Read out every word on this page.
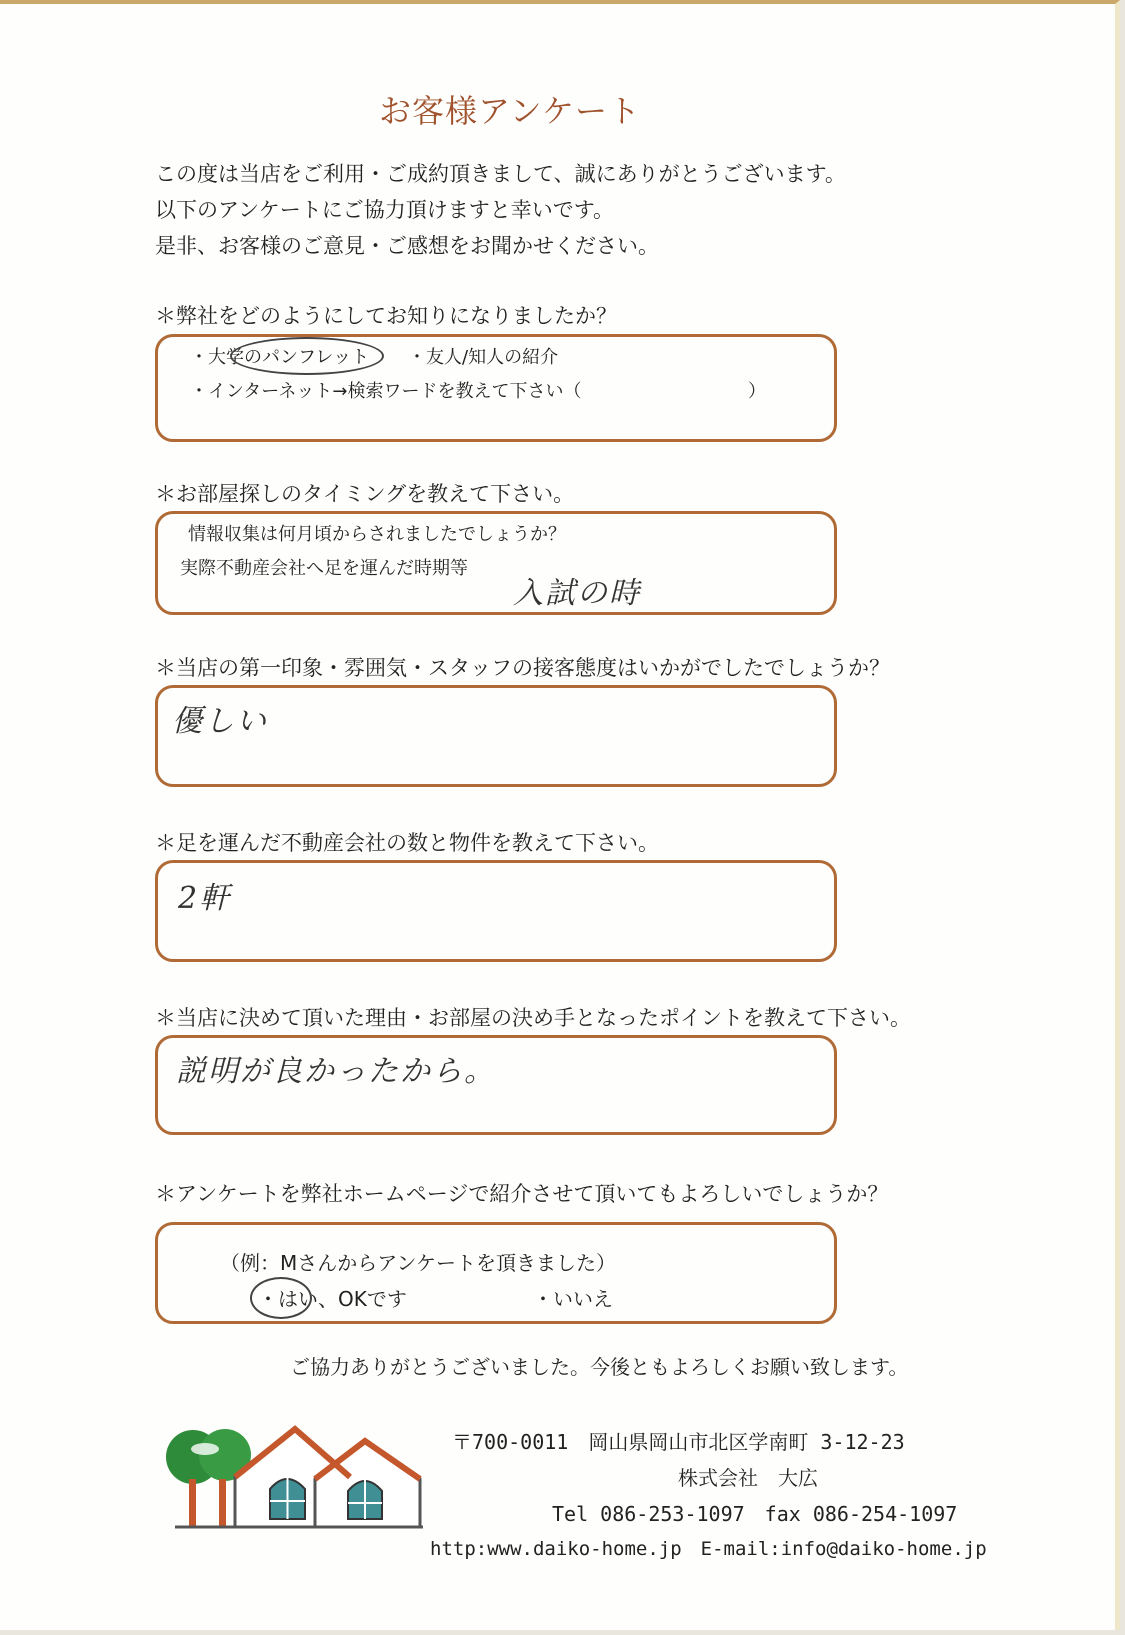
お客様アンケート
この度は当店をご利用・ご成約頂きまして、誠にありがとうございます。
以下のアンケートにご協力頂けますと幸いです。
是非、お客様のご意見・ご感想をお聞かせください。
＊弊社をどのようにしてお知りになりましたか？
・大学のパンフレット ・友人/知人の紹介
・インターネット→検索ワードを教えて下さい（	）
＊お部屋探しのタイミングを教えて下さい。
情報収集は何月頃からされましたでしょうか？
実際不動産会社へ足を運んだ時期等
入試の時
＊当店の第一印象・雰囲気・スタッフの接客態度はいかがでしたでしょうか？
優しい
＊足を運んだ不動産会社の数と物件を教えて下さい。
2軒
＊当店に決めて頂いた理由・お部屋の決め手となったポイントを教えて下さい。
説明が良かったから。
＊アンケートを弊社ホームページで紹介させて頂いてもよろしいでしょうか？
（例：Mさんからアンケートを頂きました）
・はい、OKです	・いいえ
ご協力ありがとうございました。今後ともよろしくお願い致します。
〒700-0011　岡山県岡山市北区学南町 3-12-23
株式会社　大広
Tel 086-253-1097　fax 086-254-1097
http:www.daiko-home.jp　E-mail:info@daiko-home.jp
